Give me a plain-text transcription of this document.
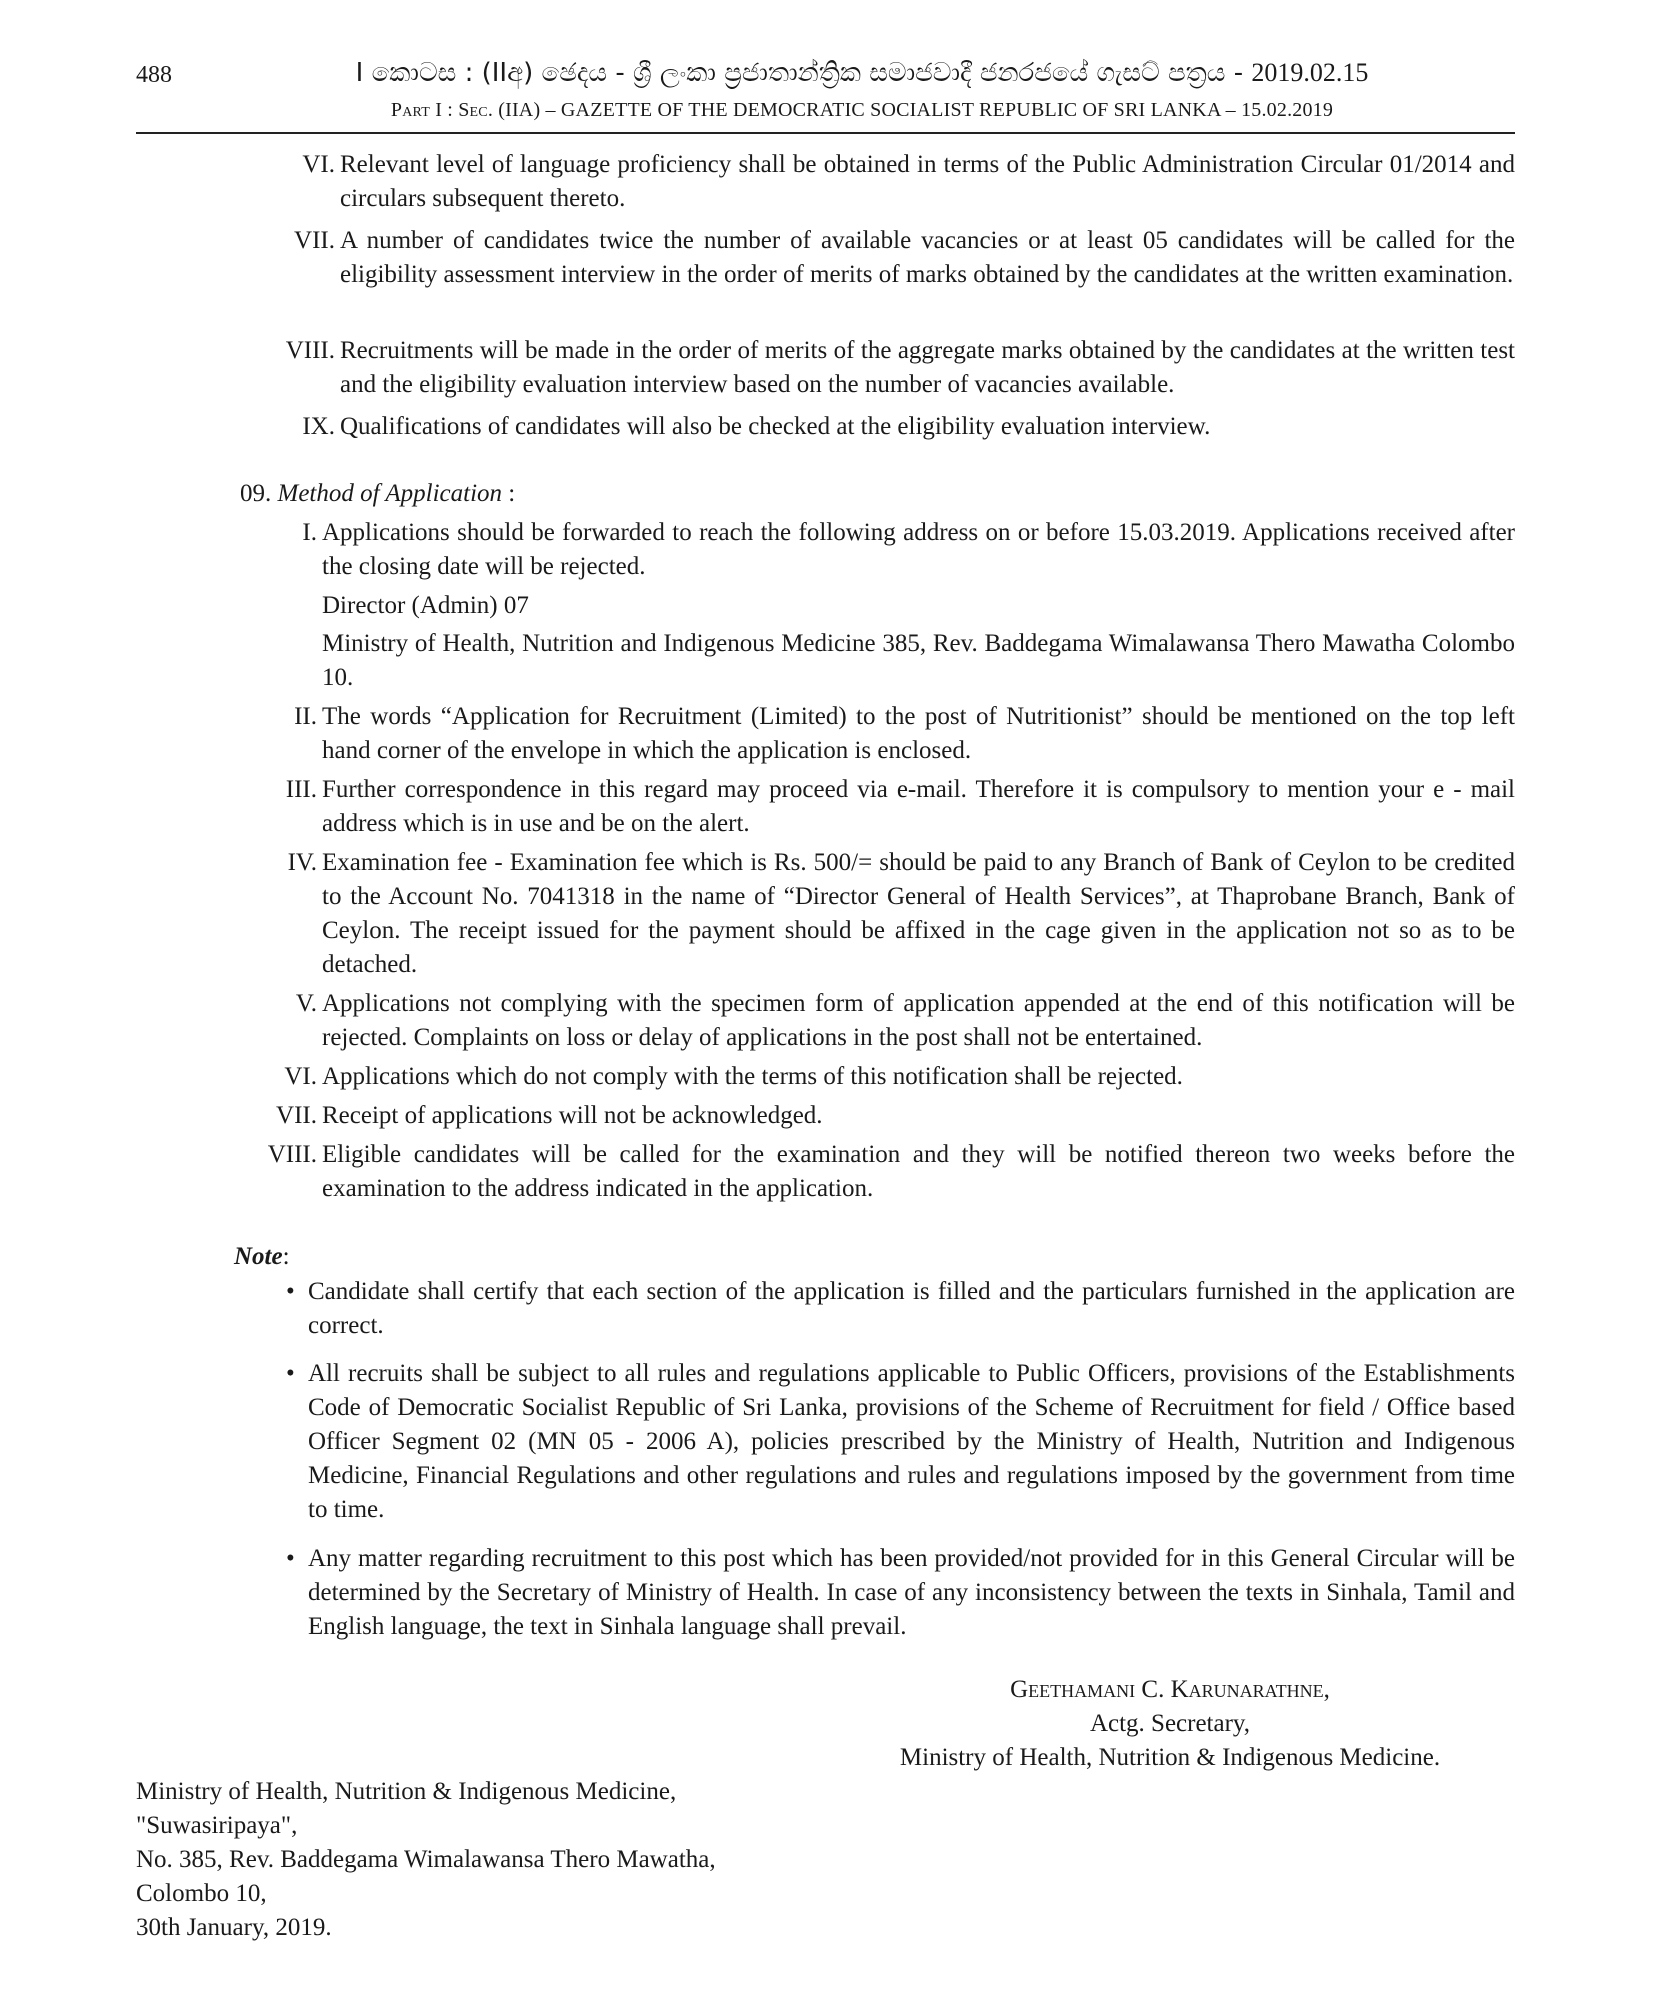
488	I කොටස : (IIඅ) ඡෙදය - ශ්‍රී ලංකා ප්‍රජාතාන්ත්‍රික සමාජවාදී ජනරජයේ ගැසට් පත්‍රය - 2019.02.15
Part I : Sec. (IIA) – GAZETTE OF THE DEMOCRATIC SOCIALIST REPUBLIC OF SRI LANKA – 15.02.2019
VI. Relevant level of language proficiency shall be obtained in terms of the Public Administration Circular 01/2014 and circulars subsequent thereto.
VII. A number of candidates twice the number of available vacancies or at least 05 candidates will be called for the eligibility assessment interview in the order of merits of marks obtained by the candidates at the written examination.
VIII. Recruitments will be made in the order of merits of the aggregate marks obtained by the candidates at the written test and the eligibility evaluation interview based on the number of vacancies available.
IX. Qualifications of candidates will also be checked at the eligibility evaluation interview.
09. Method of Application :
I. Applications should be forwarded to reach the following address on or before 15.03.2019. Applications received after the closing date will be rejected.
Director (Admin) 07
Ministry of Health, Nutrition and Indigenous Medicine 385, Rev. Baddegama Wimalawansa Thero Mawatha Colombo 10.
II. The words “Application for Recruitment (Limited) to the post of Nutritionist” should be mentioned on the top left hand corner of the envelope in which the application is enclosed.
III. Further correspondence in this regard may proceed via e-mail. Therefore it is compulsory to mention your e - mail address which is in use and be on the alert.
IV. Examination fee - Examination fee which is Rs. 500/= should be paid to any Branch of Bank of Ceylon to be credited to the Account No. 7041318 in the name of “Director General of Health Services”, at Thaprobane Branch, Bank of Ceylon. The receipt issued for the payment should be affixed in the cage given in the application not so as to be detached.
V. Applications not complying with the specimen form of application appended at the end of this notification will be rejected. Complaints on loss or delay of applications in the post shall not be entertained.
VI. Applications which do not comply with the terms of this notification shall be rejected.
VII. Receipt of applications will not be acknowledged.
VIII. Eligible candidates will be called for the examination and they will be notified thereon two weeks before the examination to the address indicated in the application.
Note:
• Candidate shall certify that each section of the application is filled and the particulars furnished in the application are correct.
• All recruits shall be subject to all rules and regulations applicable to Public Officers, provisions of the Establishments Code of Democratic Socialist Republic of Sri Lanka, provisions of the Scheme of Recruitment for field / Office based Officer Segment 02 (MN 05 - 2006 A), policies prescribed by the Ministry of Health, Nutrition and Indigenous Medicine, Financial Regulations and other regulations and rules and regulations imposed by the government from time to time.
• Any matter regarding recruitment to this post which has been provided/not provided for in this General Circular will be determined by the Secretary of Ministry of Health. In case of any inconsistency between the texts in Sinhala, Tamil and English language, the text in Sinhala language shall prevail.
Geethamani C. Karunarathne,
Actg. Secretary,
Ministry of Health, Nutrition & Indigenous Medicine.
Ministry of Health, Nutrition & Indigenous Medicine,
"Suwasiripaya",
No. 385, Rev. Baddegama Wimalawansa Thero Mawatha,
Colombo 10,
30th January, 2019.
